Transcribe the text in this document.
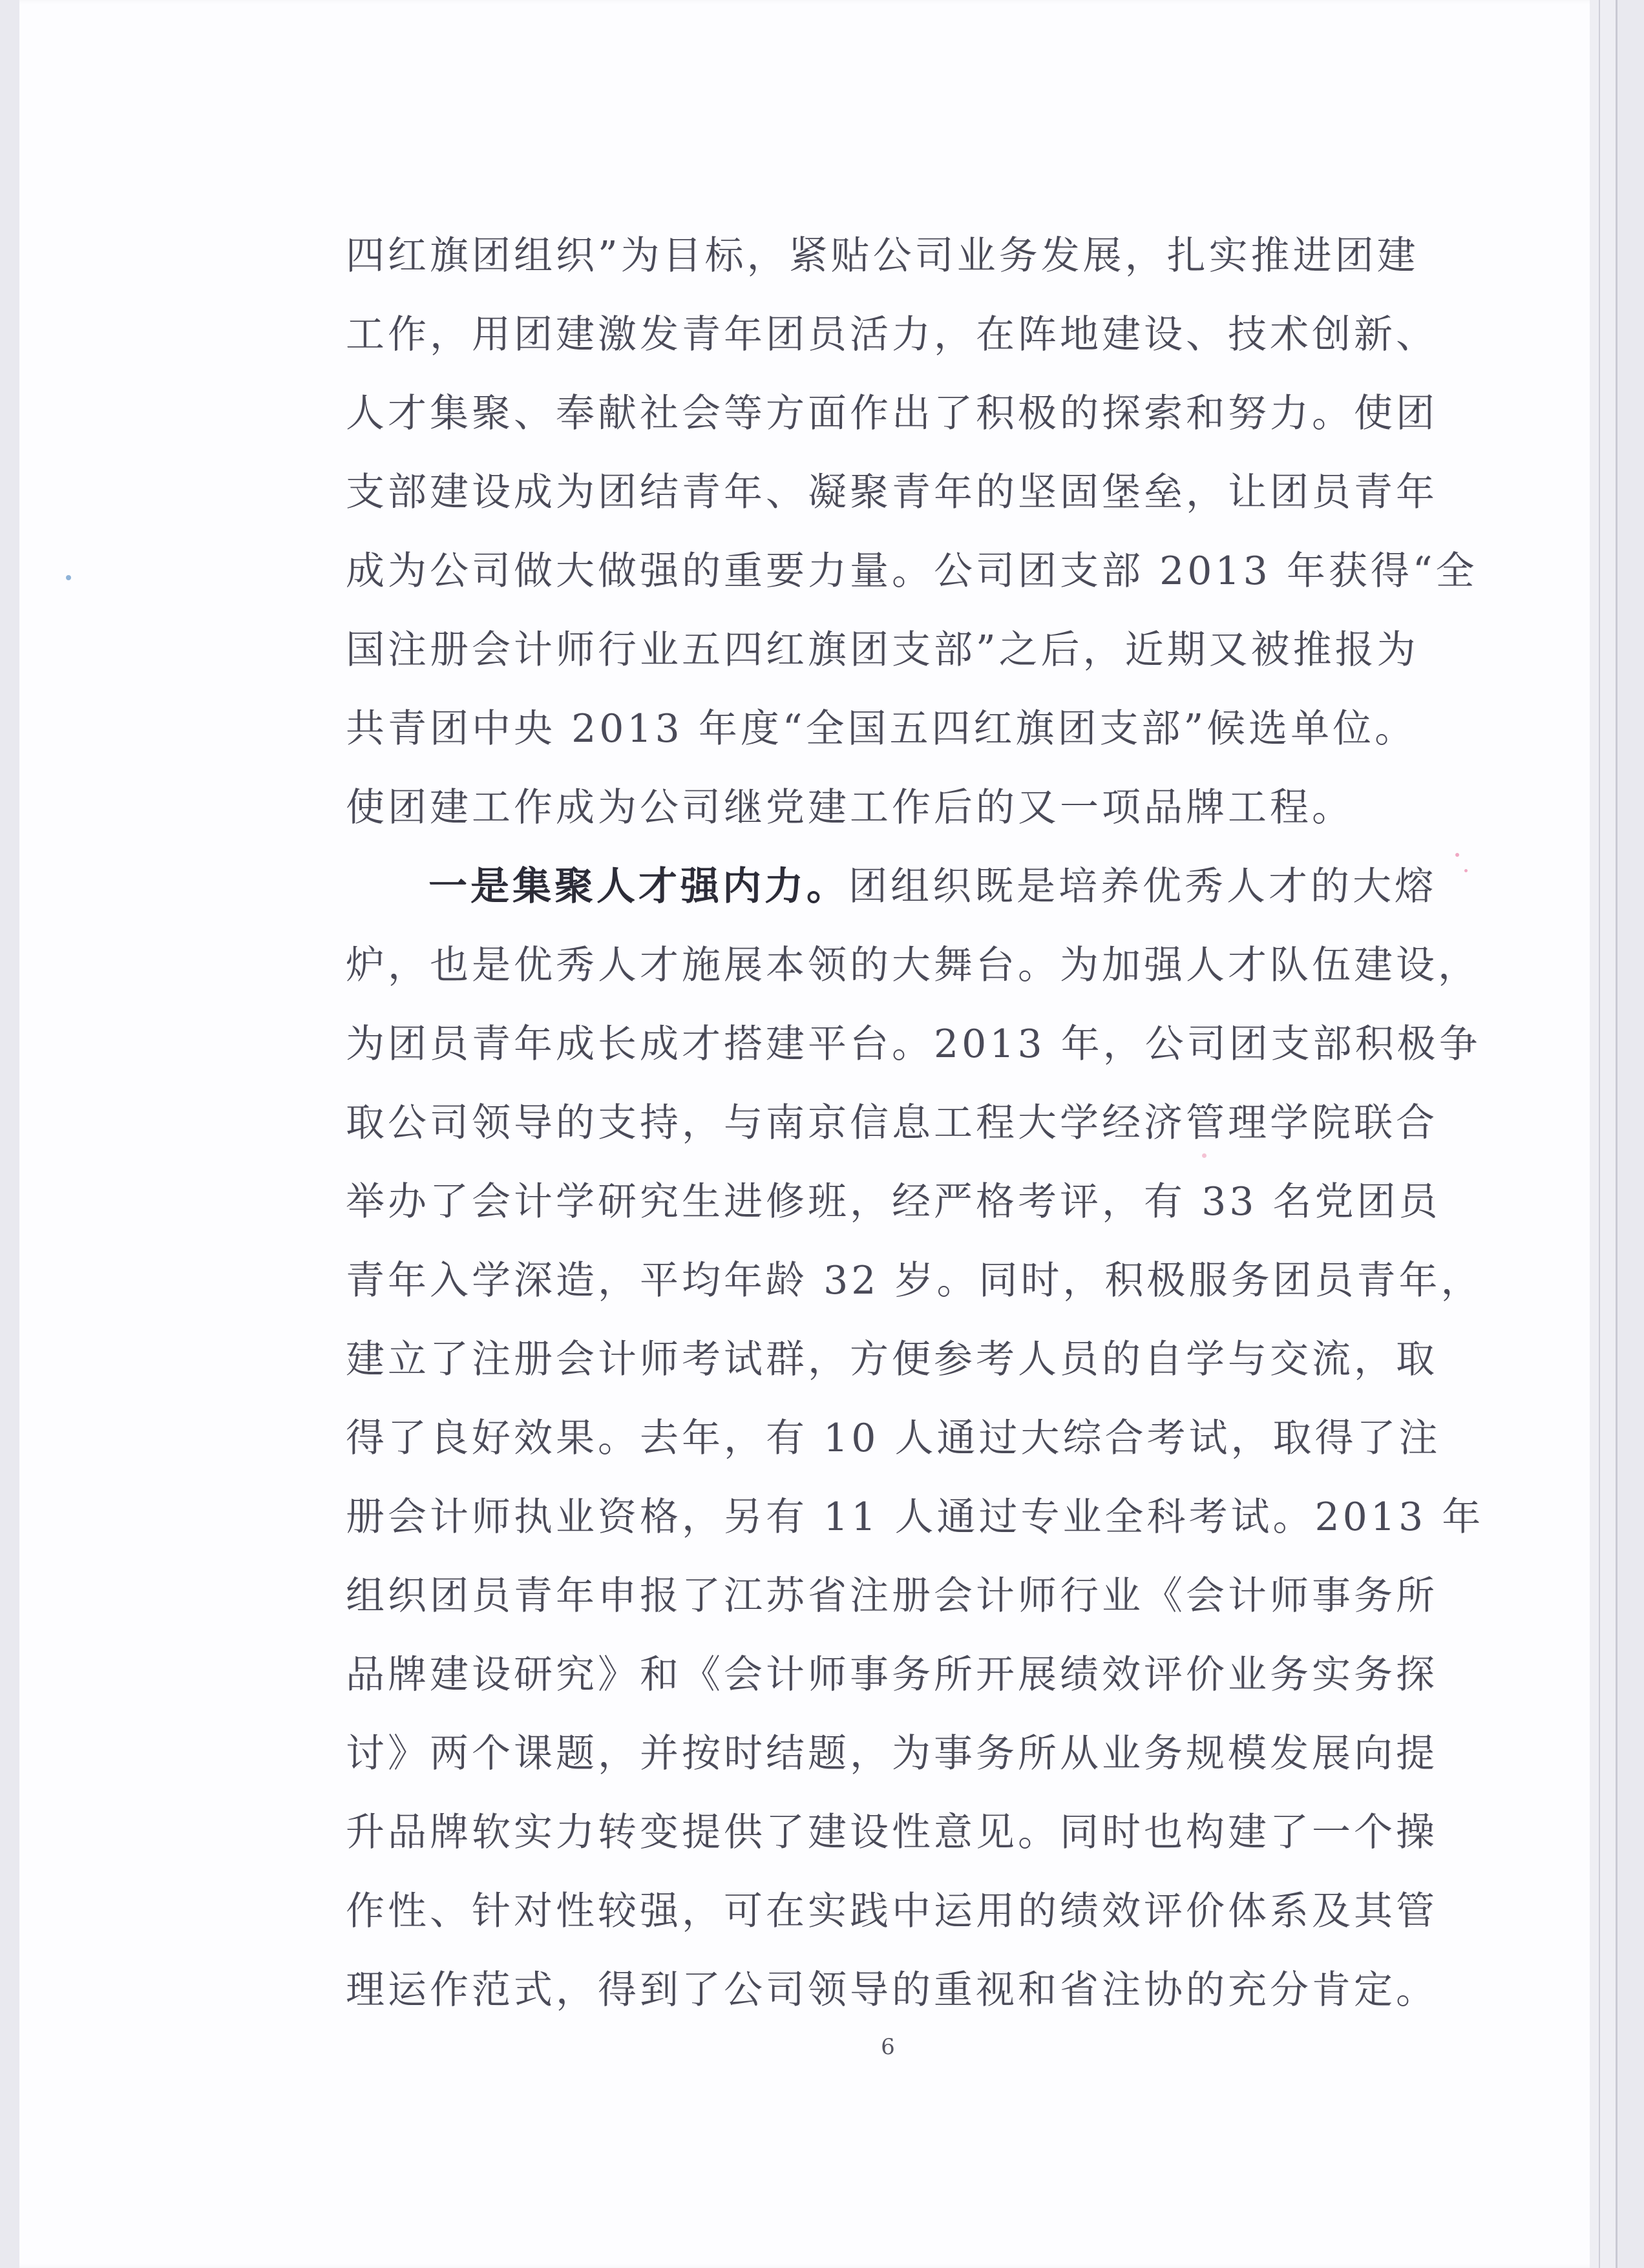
四红旗团组织”为目标，紧贴公司业务发展，扎实推进团建
工作，用团建激发青年团员活力，在阵地建设、技术创新、
人才集聚、奉献社会等方面作出了积极的探索和努力。使团
支部建设成为团结青年、凝聚青年的坚固堡垒，让团员青年
成为公司做大做强的重要力量。公司团支部 2013 年获得“全
国注册会计师行业五四红旗团支部”之后，近期又被推报为
共青团中央 2013 年度“全国五四红旗团支部”候选单位。
使团建工作成为公司继党建工作后的又一项品牌工程。
一是集聚人才强内力。团组织既是培养优秀人才的大熔
炉，也是优秀人才施展本领的大舞台。为加强人才队伍建设，
为团员青年成长成才搭建平台。2013 年，公司团支部积极争
取公司领导的支持，与南京信息工程大学经济管理学院联合
举办了会计学研究生进修班，经严格考评，有 33 名党团员
青年入学深造，平均年龄 32 岁。同时，积极服务团员青年，
建立了注册会计师考试群，方便参考人员的自学与交流，取
得了良好效果。去年，有 10 人通过大综合考试，取得了注
册会计师执业资格，另有 11 人通过专业全科考试。2013 年
组织团员青年申报了江苏省注册会计师行业《会计师事务所
品牌建设研究》和《会计师事务所开展绩效评价业务实务探
讨》两个课题，并按时结题，为事务所从业务规模发展向提
升品牌软实力转变提供了建设性意见。同时也构建了一个操
作性、针对性较强，可在实践中运用的绩效评价体系及其管
理运作范式，得到了公司领导的重视和省注协的充分肯定。
6
